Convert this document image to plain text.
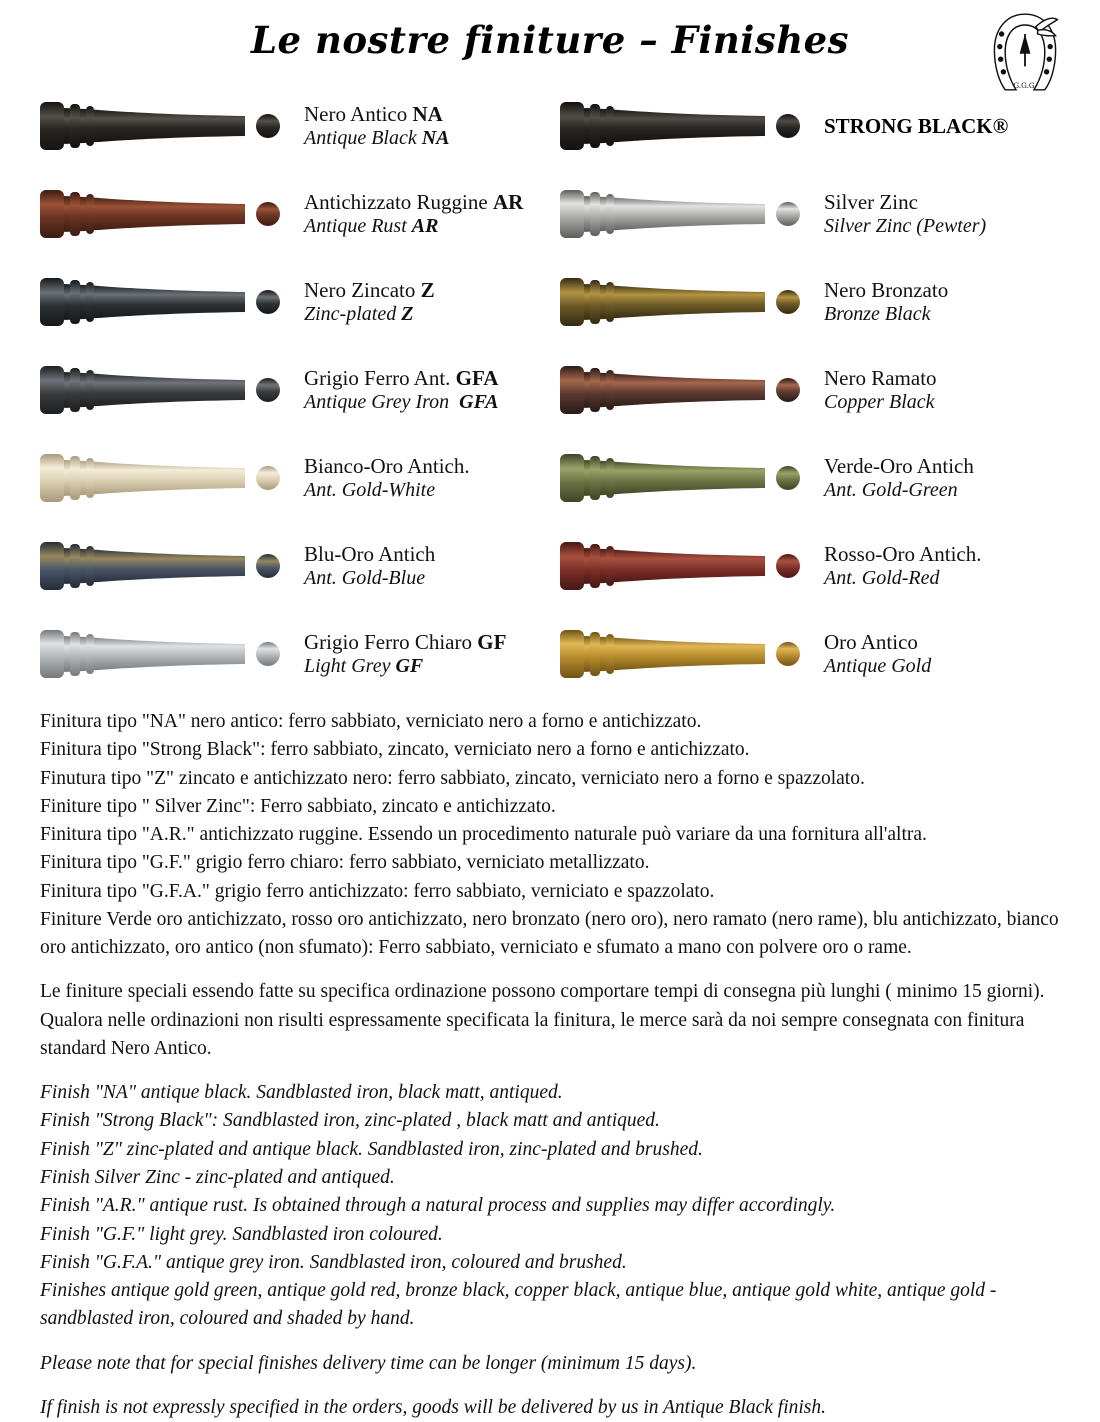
Le nostre finiture – Finishes
G.G.G.
Nero Antico NA
Antique Black NA	STRONG BLACK®
Antichizzato Ruggine AR
Antique Rust AR
Silver Zinc
Silver Zinc (Pewter)
Nero Zincato Z
Zinc-plated Z
Nero Bronzato
Bronze Black
Grigio Ferro Ant. GFA
Antique Grey Iron GFA
Nero Ramato
Copper Black
Bianco-Oro Antich.
Ant. Gold-White
Verde-Oro Antich
Ant. Gold-Green
Blu-Oro Antich
Ant. Gold-Blue
Rosso-Oro Antich.
Ant. Gold-Red
Grigio Ferro Chiaro GF
Light Grey GF
Oro Antico
Antique Gold

Finitura tipo "NA" nero antico: ferro sabbiato, verniciato nero a forno e antichizzato.

Finitura tipo "Strong Black": ferro sabbiato, zincato, verniciato nero a forno e antichizzato.

Finutura tipo "Z" zincato e antichizzato nero: ferro sabbiato, zincato, verniciato nero a forno e spazzolato.

Finiture tipo " Silver Zinc": Ferro sabbiato, zincato e antichizzato.

Finitura tipo "A.R." antichizzato ruggine. Essendo un procedimento naturale può variare da una fornitura all'altra.

Finitura tipo "G.F." grigio ferro chiaro: ferro sabbiato, verniciato metallizzato.

Finitura tipo "G.F.A." grigio ferro antichizzato: ferro sabbiato, verniciato e spazzolato.

Finiture Verde oro antichizzato, rosso oro antichizzato, nero bronzato (nero oro), nero ramato (nero rame), blu antichizzato, bianco oro antichizzato, oro antico (non sfumato): Ferro sabbiato, verniciato e sfumato a mano con polvere oro o rame.

Le finiture speciali essendo fatte su specifica ordinazione possono comportare tempi di consegna più lunghi ( minimo 15 giorni).

Qualora nelle ordinazioni non risulti espressamente specificata la finitura, le merce sarà da noi sempre consegnata con finitura standard Nero Antico.

Finish "NA" antique black. Sandblasted iron, black matt, antiqued.

Finish "Strong Black": Sandblasted iron, zinc-plated , black matt and antiqued.

Finish "Z" zinc-plated and antique black. Sandblasted iron, zinc-plated and brushed.

Finish Silver Zinc - zinc-plated and antiqued.

Finish "A.R." antique rust. Is obtained through a natural process and supplies may differ accordingly.

Finish "G.F." light grey. Sandblasted iron coloured.

Finish "G.F.A." antique grey iron. Sandblasted iron, coloured and brushed.

Finishes antique gold green, antique gold red, bronze black, copper black, antique blue, antique gold white, antique gold - sandblasted iron, coloured and shaded by hand.

Please note that for special finishes delivery time can be longer (minimum 15 days).

If finish is not expressly specified in the orders, goods will be delivered by us in Antique Black finish.
